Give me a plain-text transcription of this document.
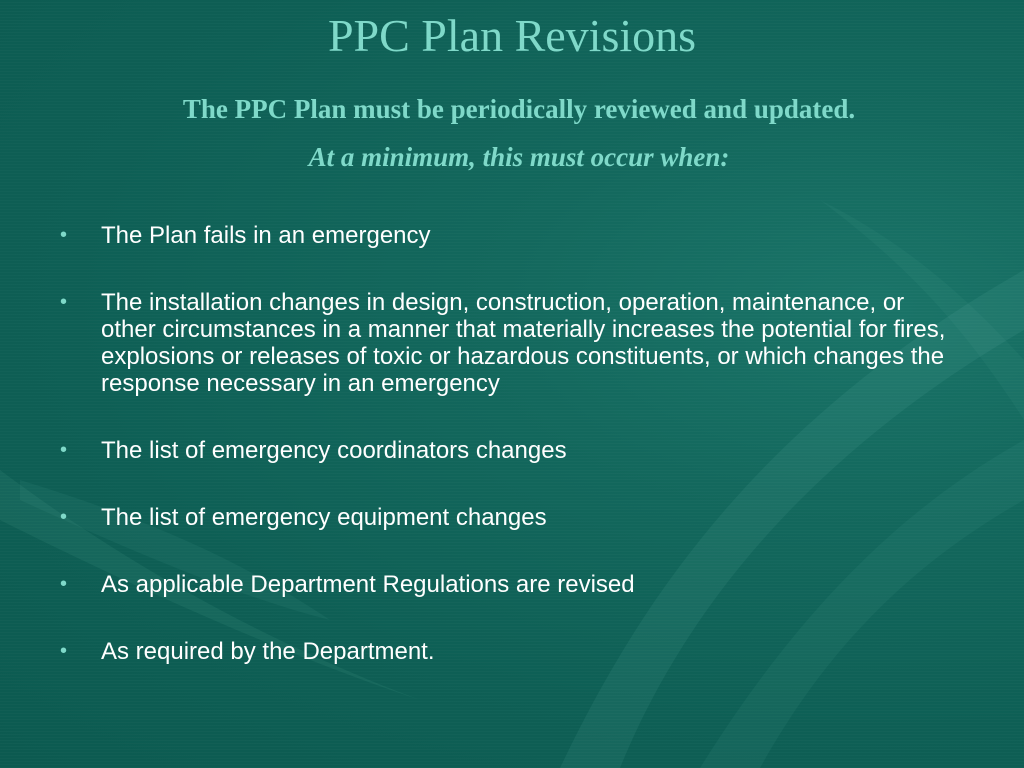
PPC Plan Revisions

The PPC Plan must be periodically reviewed and updated.

At a minimum, this must occur when:

• The Plan fails in an emergency
• The installation changes in design, construction, operation, maintenance, or other circumstances in a manner that materially increases the potential for fires, explosions or releases of toxic or hazardous constituents, or which changes the response necessary in an emergency
• The list of emergency coordinators changes
• The list of emergency equipment changes
• As applicable Department Regulations are revised
• As required by the Department.
